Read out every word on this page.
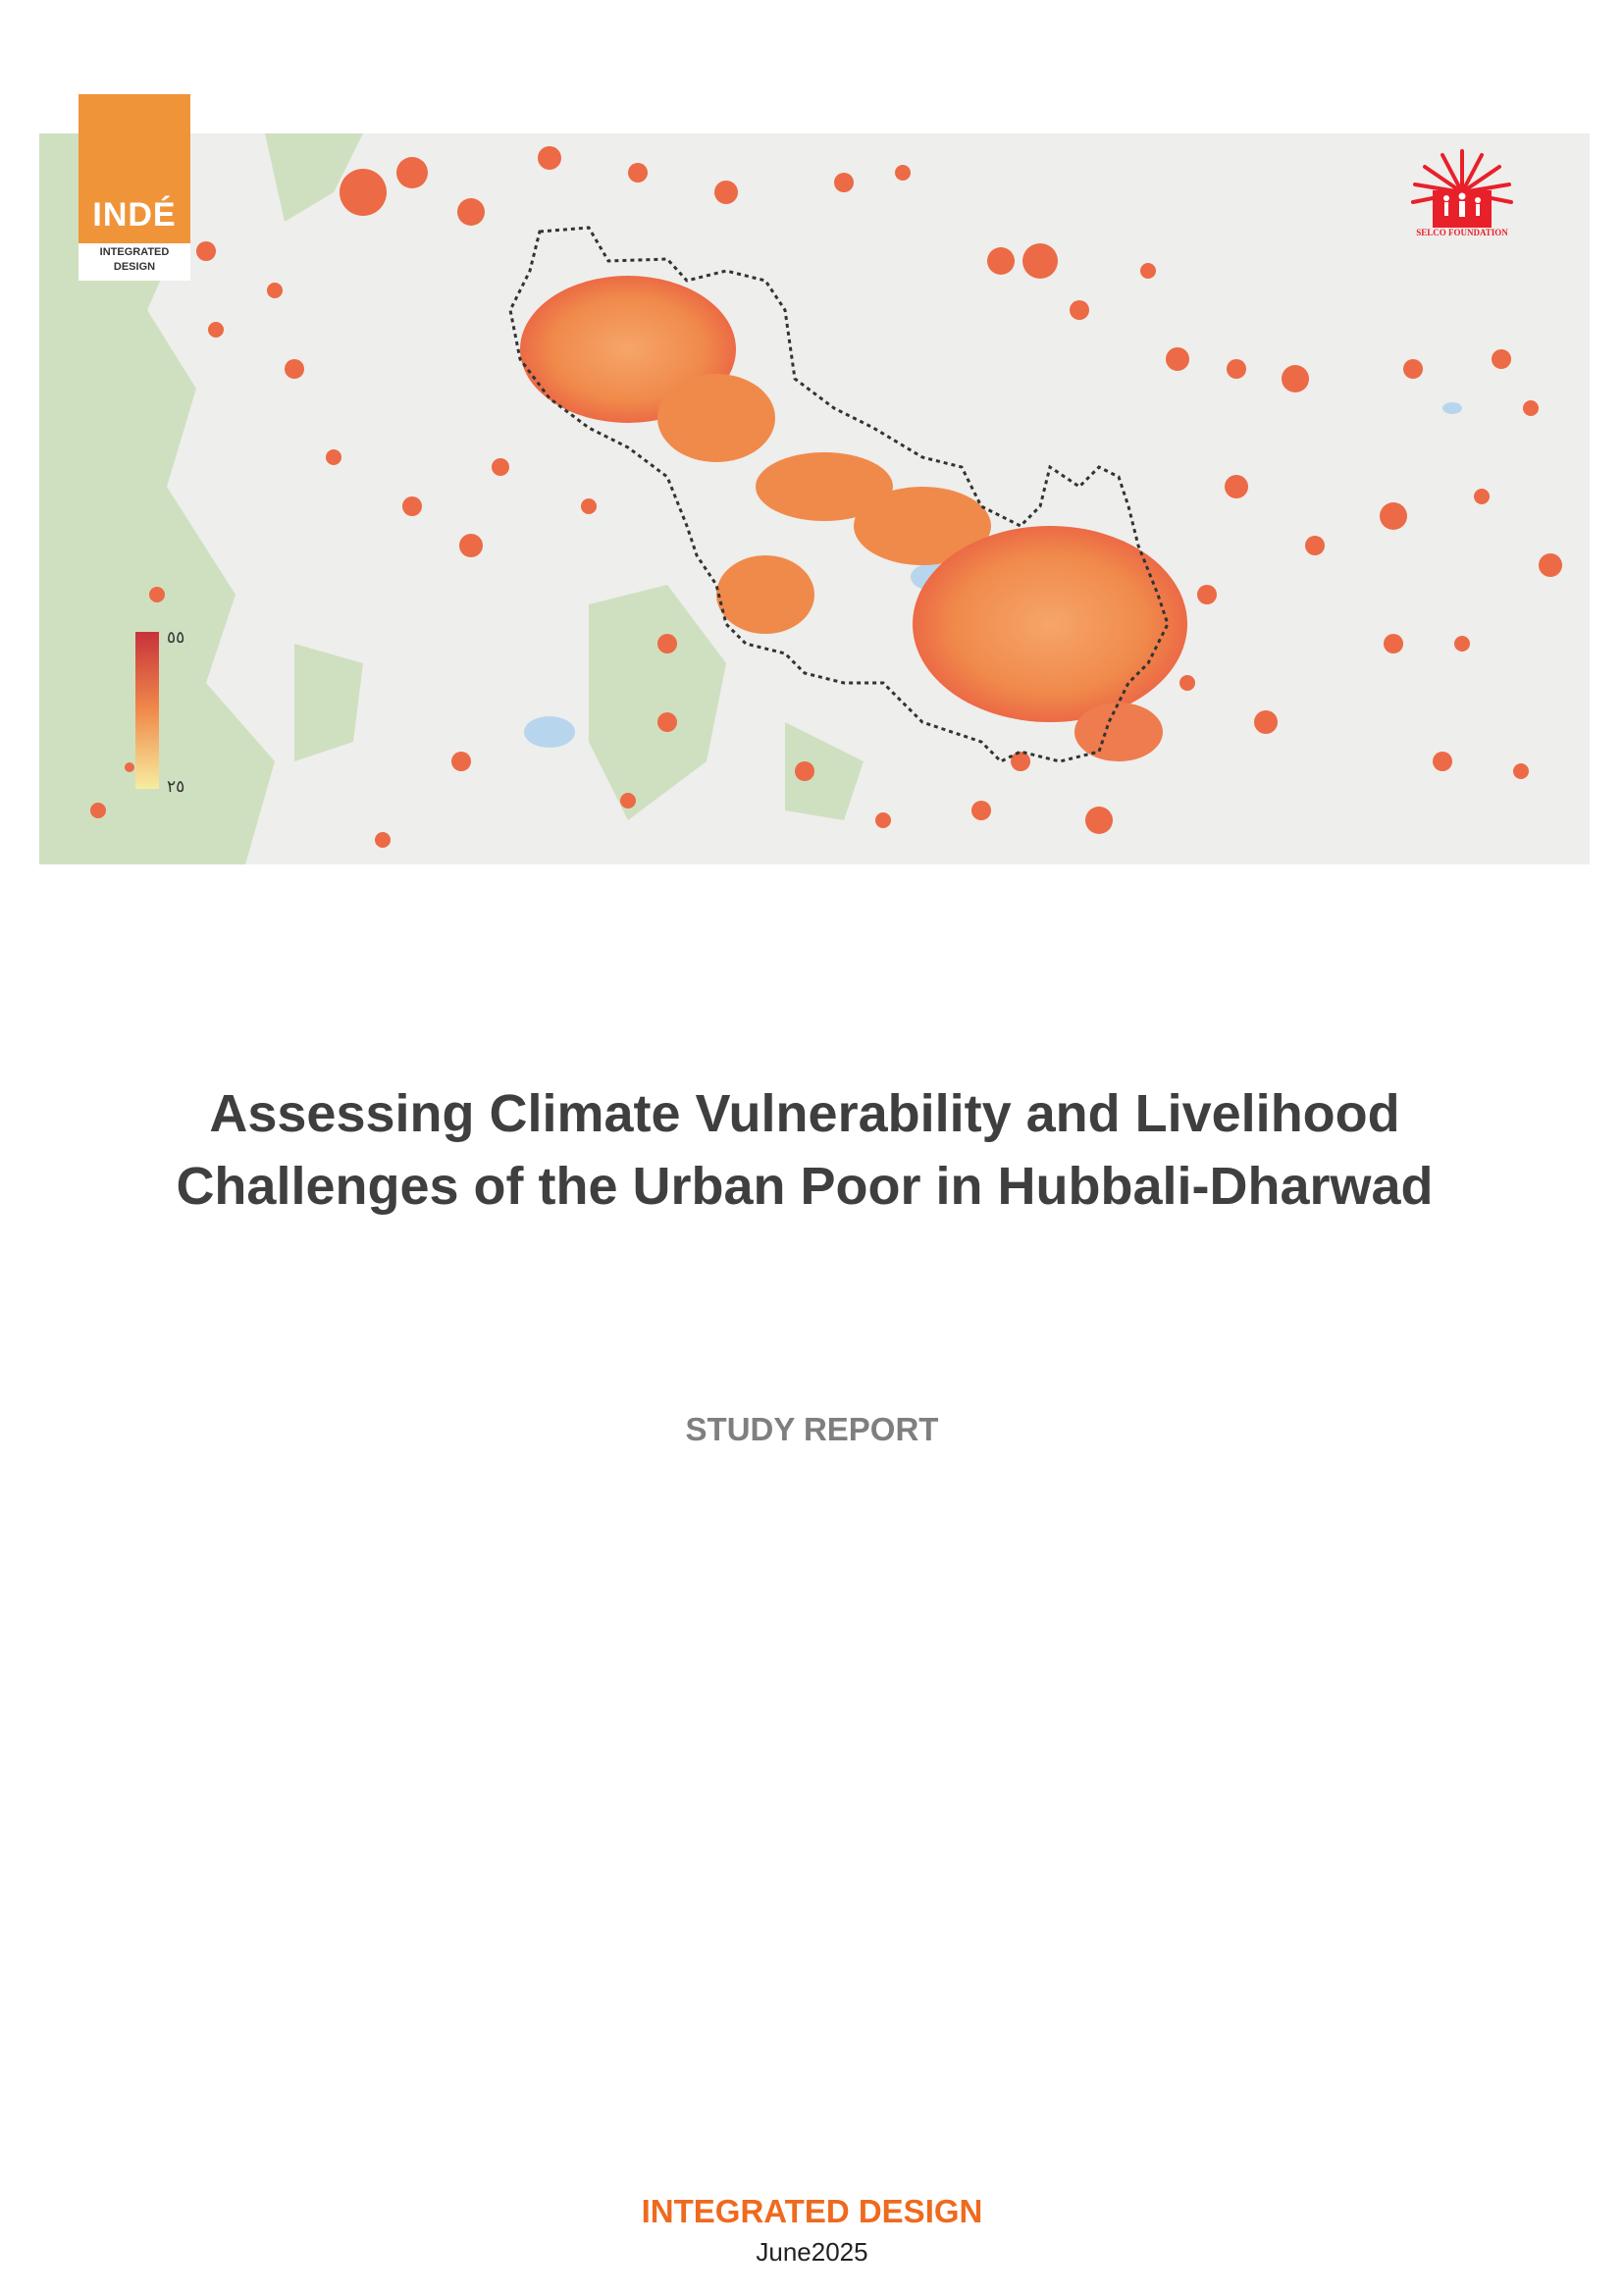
٥٥
٢٥
INDÉ
INTEGRATED
DESIGN
SELCO FOUNDATION
Assessing Climate Vulnerability and Livelihood Challenges of the Urban Poor in Hubbali-Dharwad
STUDY REPORT
INTEGRATED DESIGN
June2025
